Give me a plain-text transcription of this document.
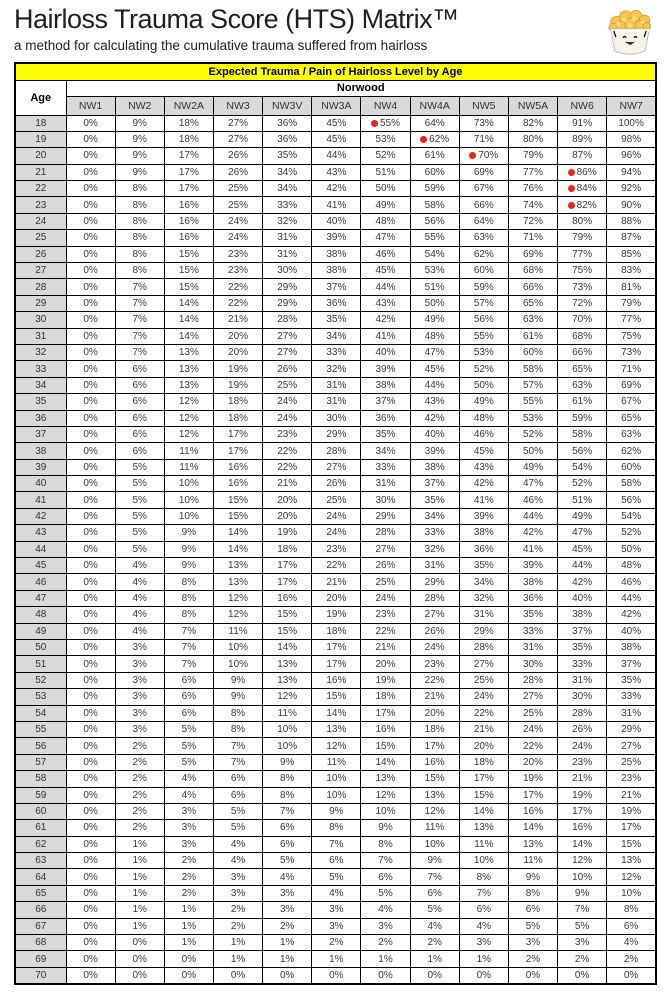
Hairloss Trauma Score (HTS) Matrix™
a method for calculating the cumulative trauma suffered from hairloss
Expected Trauma / Pain of Hairloss Level by Age												
Age	Norwood											
	NW1	NW2	NW2A	NW3	NW3V	NW3A	NW4	NW4A	NW5	NW5A	NW6	NW7
18	0%	9%	18%	27%	36%	45%	55%	64%	73%	82%	91%	100%
19	0%	9%	18%	27%	36%	45%	53%	62%	71%	80%	89%	98%
20	0%	9%	17%	26%	35%	44%	52%	61%	70%	79%	87%	96%
21	0%	9%	17%	26%	34%	43%	51%	60%	69%	77%	86%	94%
22	0%	8%	17%	25%	34%	42%	50%	59%	67%	76%	84%	92%
23	0%	8%	16%	25%	33%	41%	49%	58%	66%	74%	82%	90%
24	0%	8%	16%	24%	32%	40%	48%	56%	64%	72%	80%	88%
25	0%	8%	16%	24%	31%	39%	47%	55%	63%	71%	79%	87%
26	0%	8%	15%	23%	31%	38%	46%	54%	62%	69%	77%	85%
27	0%	8%	15%	23%	30%	38%	45%	53%	60%	68%	75%	83%
28	0%	7%	15%	22%	29%	37%	44%	51%	59%	66%	73%	81%
29	0%	7%	14%	22%	29%	36%	43%	50%	57%	65%	72%	79%
30	0%	7%	14%	21%	28%	35%	42%	49%	56%	63%	70%	77%
31	0%	7%	14%	20%	27%	34%	41%	48%	55%	61%	68%	75%
32	0%	7%	13%	20%	27%	33%	40%	47%	53%	60%	66%	73%
33	0%	6%	13%	19%	26%	32%	39%	45%	52%	58%	65%	71%
34	0%	6%	13%	19%	25%	31%	38%	44%	50%	57%	63%	69%
35	0%	6%	12%	18%	24%	31%	37%	43%	49%	55%	61%	67%
36	0%	6%	12%	18%	24%	30%	36%	42%	48%	53%	59%	65%
37	0%	6%	12%	17%	23%	29%	35%	40%	46%	52%	58%	63%
38	0%	6%	11%	17%	22%	28%	34%	39%	45%	50%	56%	62%
39	0%	5%	11%	16%	22%	27%	33%	38%	43%	49%	54%	60%
40	0%	5%	10%	16%	21%	26%	31%	37%	42%	47%	52%	58%
41	0%	5%	10%	15%	20%	25%	30%	35%	41%	46%	51%	56%
42	0%	5%	10%	15%	20%	24%	29%	34%	39%	44%	49%	54%
43	0%	5%	9%	14%	19%	24%	28%	33%	38%	42%	47%	52%
44	0%	5%	9%	14%	18%	23%	27%	32%	36%	41%	45%	50%
45	0%	4%	9%	13%	17%	22%	26%	31%	35%	39%	44%	48%
46	0%	4%	8%	13%	17%	21%	25%	29%	34%	38%	42%	46%
47	0%	4%	8%	12%	16%	20%	24%	28%	32%	36%	40%	44%
48	0%	4%	8%	12%	15%	19%	23%	27%	31%	35%	38%	42%
49	0%	4%	7%	11%	15%	18%	22%	26%	29%	33%	37%	40%
50	0%	3%	7%	10%	14%	17%	21%	24%	28%	31%	35%	38%
51	0%	3%	7%	10%	13%	17%	20%	23%	27%	30%	33%	37%
52	0%	3%	6%	9%	13%	16%	19%	22%	25%	28%	31%	35%
53	0%	3%	6%	9%	12%	15%	18%	21%	24%	27%	30%	33%
54	0%	3%	6%	8%	11%	14%	17%	20%	22%	25%	28%	31%
55	0%	3%	5%	8%	10%	13%	16%	18%	21%	24%	26%	29%
56	0%	2%	5%	7%	10%	12%	15%	17%	20%	22%	24%	27%
57	0%	2%	5%	7%	9%	11%	14%	16%	18%	20%	23%	25%
58	0%	2%	4%	6%	8%	10%	13%	15%	17%	19%	21%	23%
59	0%	2%	4%	6%	8%	10%	12%	13%	15%	17%	19%	21%
60	0%	2%	3%	5%	7%	9%	10%	12%	14%	16%	17%	19%
61	0%	2%	3%	5%	6%	8%	9%	11%	13%	14%	16%	17%
62	0%	1%	3%	4%	6%	7%	8%	10%	11%	13%	14%	15%
63	0%	1%	2%	4%	5%	6%	7%	9%	10%	11%	12%	13%
64	0%	1%	2%	3%	4%	5%	6%	7%	8%	9%	10%	12%
65	0%	1%	2%	3%	3%	4%	5%	6%	7%	8%	9%	10%
66	0%	1%	1%	2%	3%	3%	4%	5%	6%	6%	7%	8%
67	0%	1%	1%	2%	2%	3%	3%	4%	4%	5%	5%	6%
68	0%	0%	1%	1%	1%	2%	2%	2%	3%	3%	3%	4%
69	0%	0%	0%	1%	1%	1%	1%	1%	1%	2%	2%	2%
70	0%	0%	0%	0%	0%	0%	0%	0%	0%	0%	0%	0%
